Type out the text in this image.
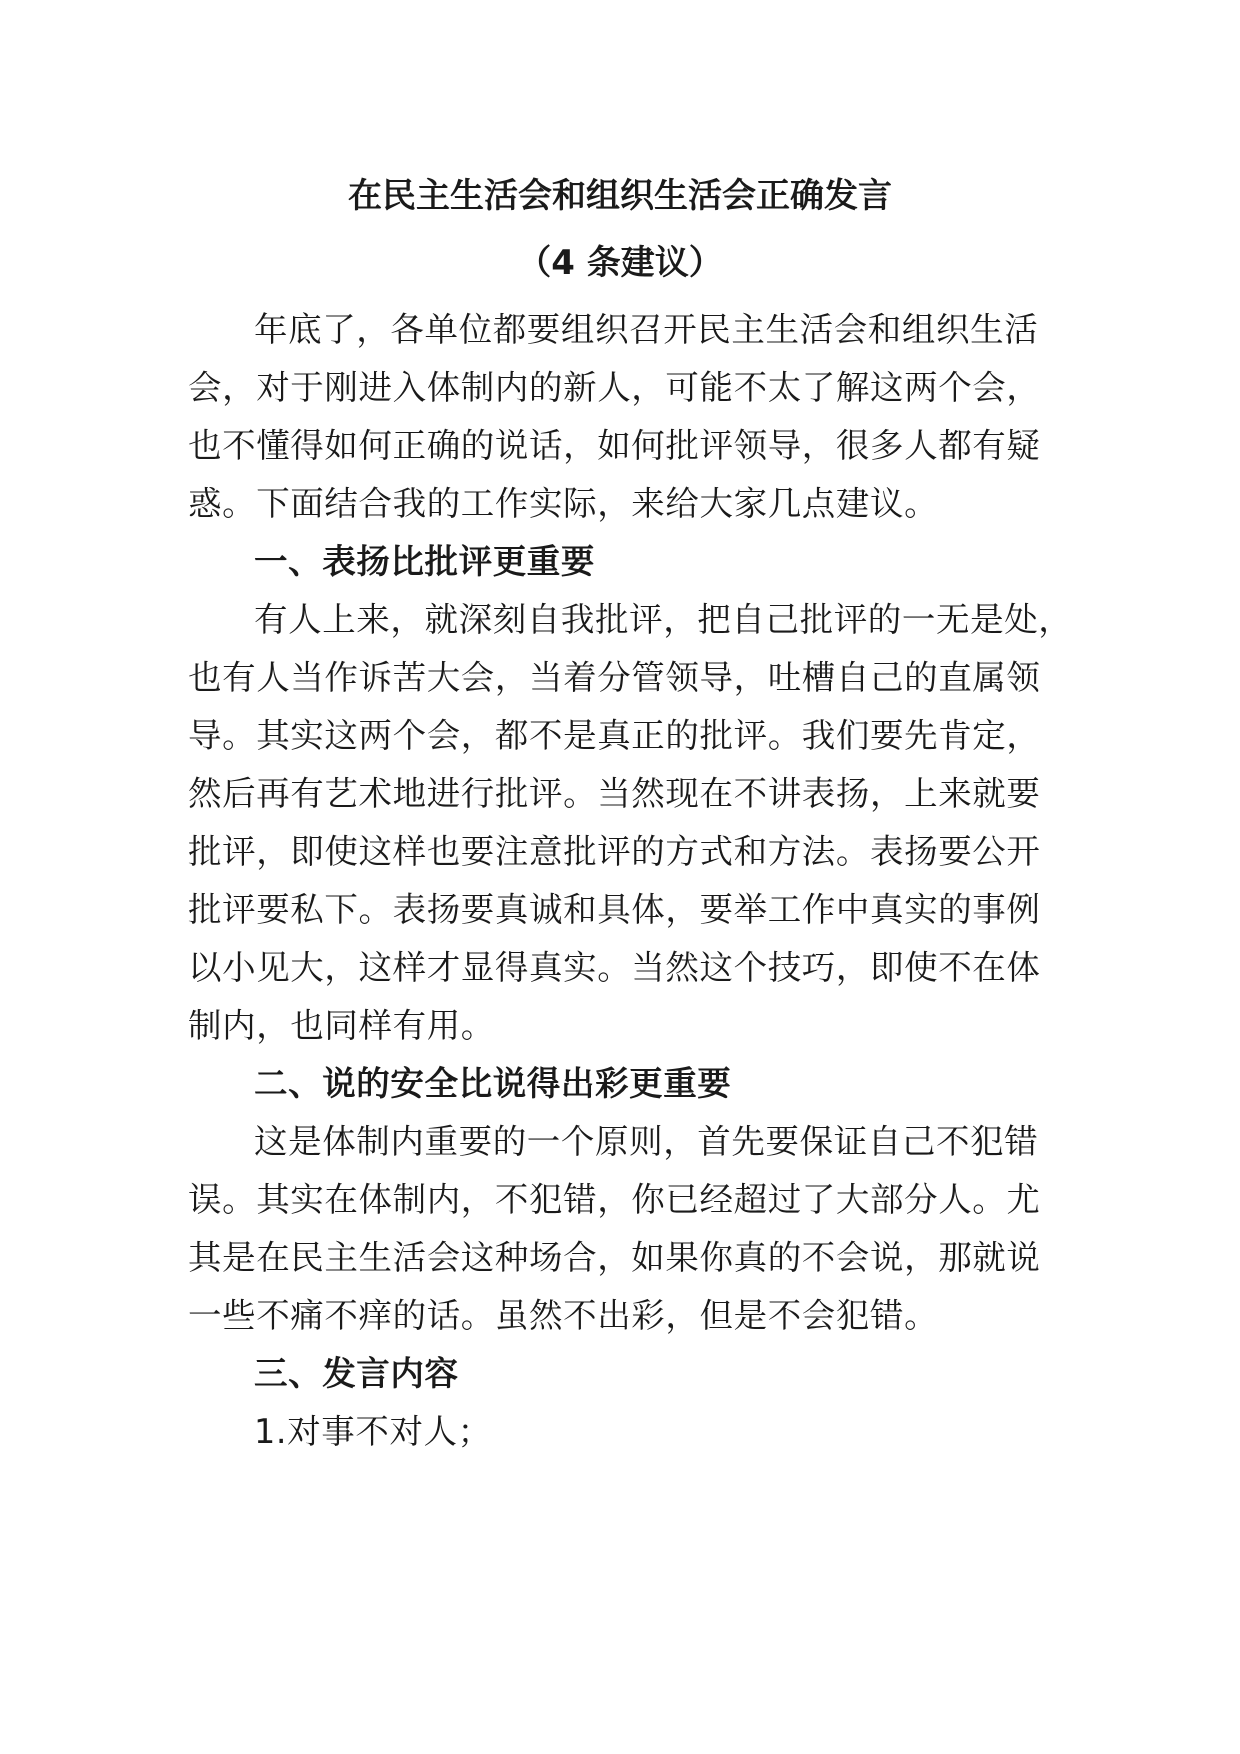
在民主生活会和组织生活会正确发言
（4 条建议）
年底了，各单位都要组织召开民主生活会和组织生活
会，对于刚进入体制内的新人，可能不太了解这两个会，
也不懂得如何正确的说话，如何批评领导，很多人都有疑
惑。下面结合我的工作实际，来给大家几点建议。
一、表扬比批评更重要
有人上来，就深刻自我批评，把自己批评的一无是处，
也有人当作诉苦大会，当着分管领导，吐槽自己的直属领
导。其实这两个会，都不是真正的批评。我们要先肯定，
然后再有艺术地进行批评。当然现在不讲表扬，上来就要
批评，即使这样也要注意批评的方式和方法。表扬要公开
批评要私下。表扬要真诚和具体，要举工作中真实的事例
以小见大，这样才显得真实。当然这个技巧，即使不在体
制内，也同样有用。
二、说的安全比说得出彩更重要
这是体制内重要的一个原则，首先要保证自己不犯错
误。其实在体制内，不犯错，你已经超过了大部分人。尤
其是在民主生活会这种场合，如果你真的不会说，那就说
一些不痛不痒的话。虽然不出彩，但是不会犯错。
三、发言内容
1.对事不对人；
